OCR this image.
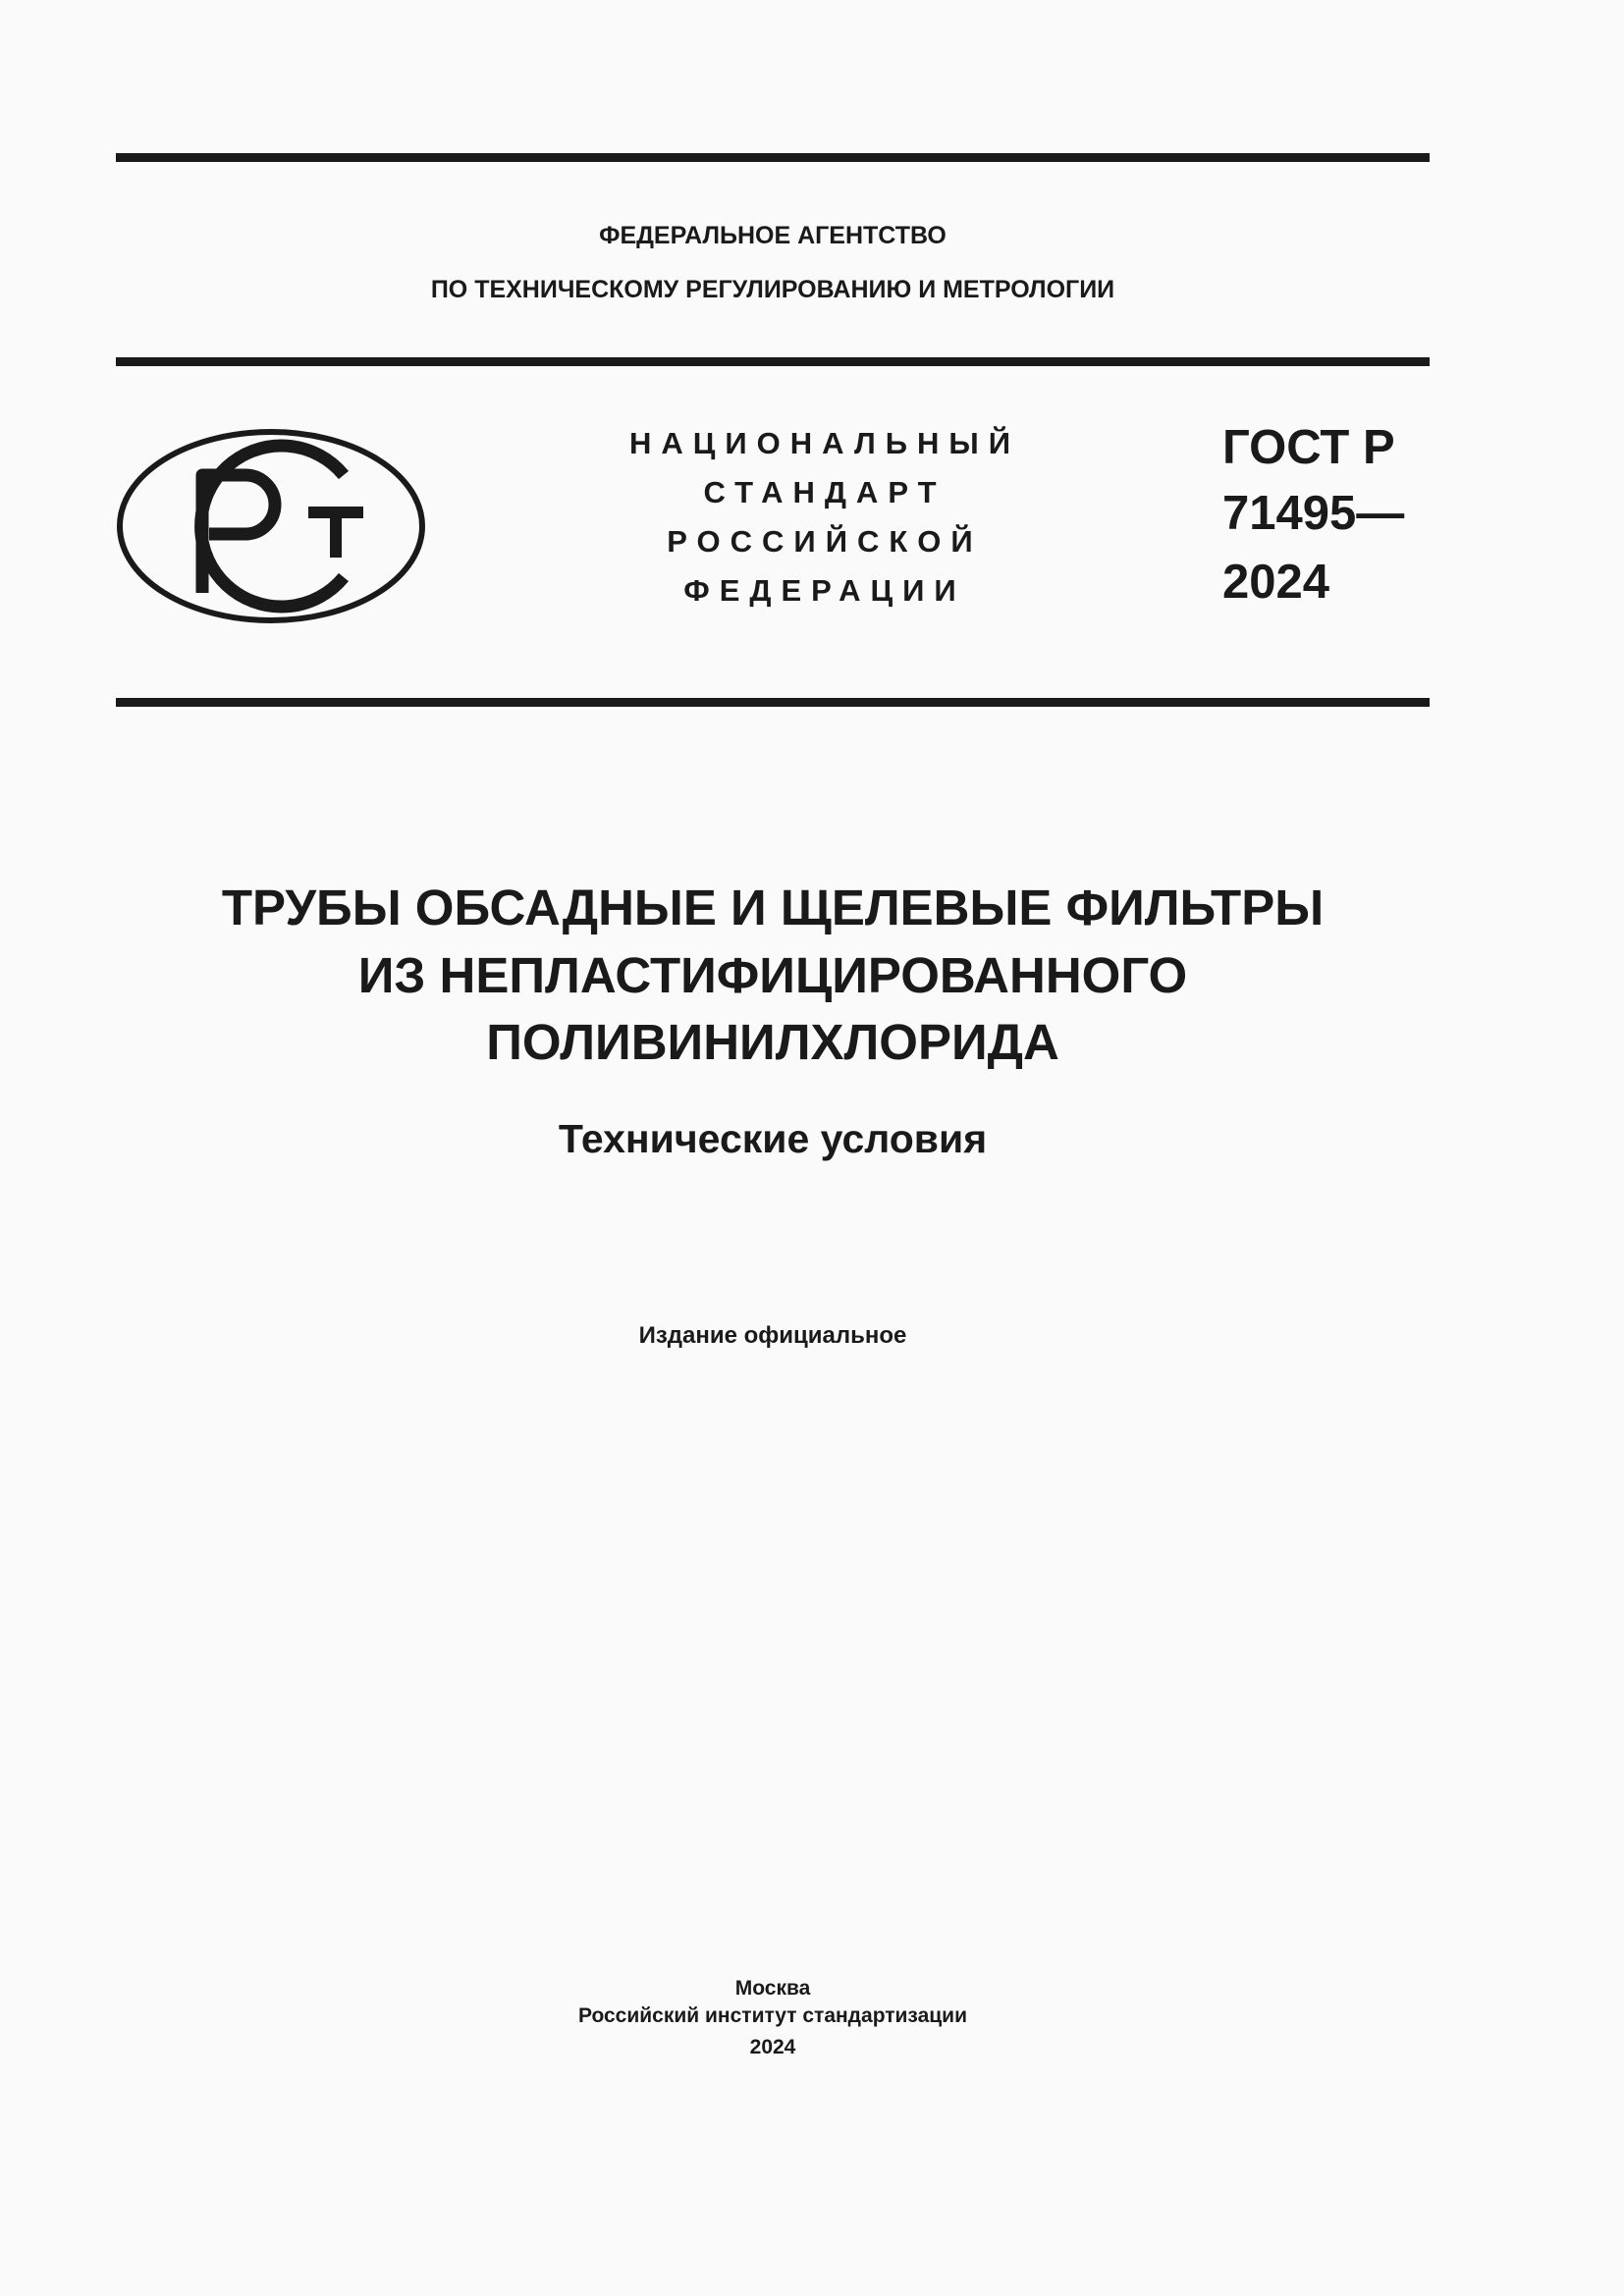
ФЕДЕРАЛЬНОЕ АГЕНТСТВО
ПО ТЕХНИЧЕСКОМУ РЕГУЛИРОВАНИЮ И МЕТРОЛОГИИ
НАЦИОНАЛЬНЫЙ
СТАНДАРТ
РОССИЙСКОЙ
ФЕДЕРАЦИИ
ГОСТ Р
71495—
2024
ТРУБЫ ОБСАДНЫЕ И ЩЕЛЕВЫЕ ФИЛЬТРЫ
ИЗ НЕПЛАСТИФИЦИРОВАННОГО
ПОЛИВИНИЛХЛОРИДА
Технические условия
Издание официальное
Москва
Российский институт стандартизации
2024
